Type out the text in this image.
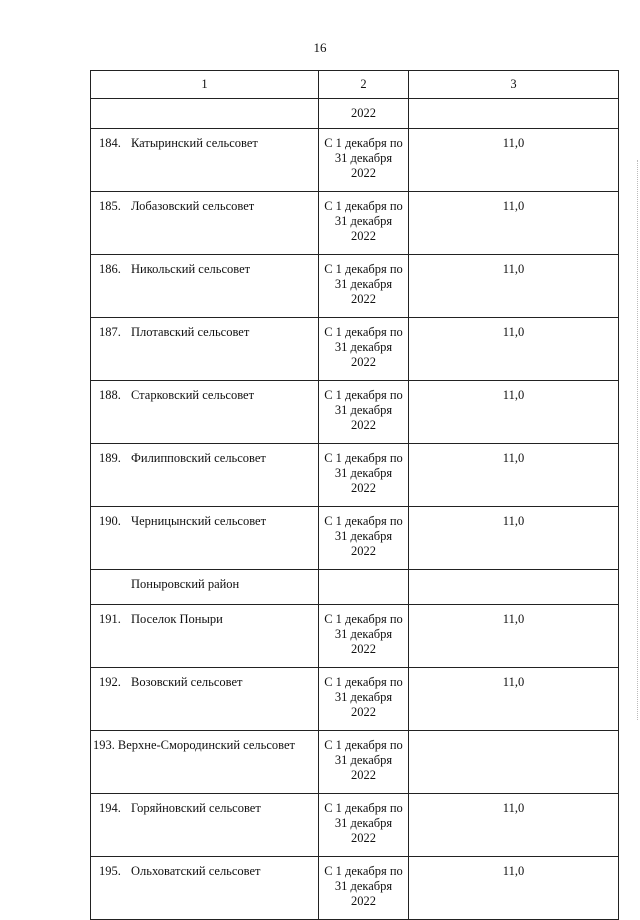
16
1	2	3
	2022	
184. Катыринский сельсовет	С 1 декабря по
31 декабря
2022	11,0
185. Лобазовский сельсовет	С 1 декабря по
31 декабря
2022	11,0
186. Никольский сельсовет	С 1 декабря по
31 декабря
2022	11,0
187. Плотавский сельсовет	С 1 декабря по
31 декабря
2022	11,0
188. Старковский сельсовет	С 1 декабря по
31 декабря
2022	11,0
189. Филипповский сельсовет	С 1 декабря по
31 декабря
2022	11,0
190. Черницынский сельсовет	С 1 декабря по
31 декабря
2022	11,0
Поныровский район		
191. Поселок Поныри	С 1 декабря по
31 декабря
2022	11,0
192. Возовский сельсовет	С 1 декабря по
31 декабря
2022	11,0
193. Верхне-Смородинский сельсовет	С 1 декабря по
31 декабря
2022	

194. Горяйновский сельсовет	С 1 декабря по
31 декабря
2022	11,0
195. Ольховатский сельсовет	С 1 декабря по
31 декабря
2022	11,0
